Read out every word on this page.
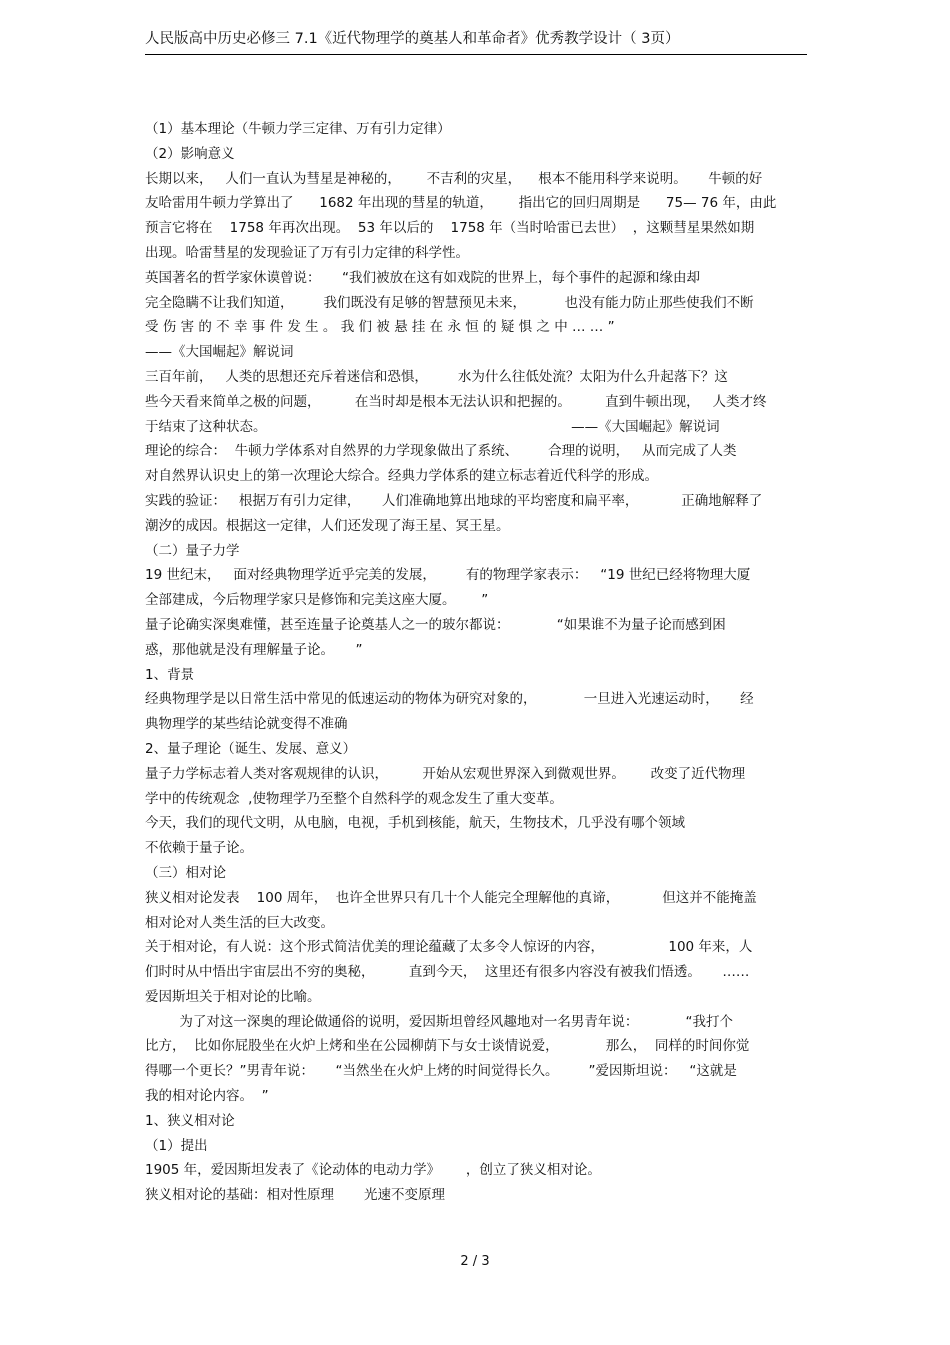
人民版高中历史必修三 7.1《近代物理学的奠基人和革命者》优秀教学设计（ 3页）
（1）基本理论（牛顿力学三定律、万有引力定律）
（2）影响意义
长期以来，   人们一直认为彗星是神秘的，      不吉利的灾星，    根本不能用科学来说明。     牛顿的好
友哈雷用牛顿力学算出了      1682 年出现的彗星的轨道，      指出它的回归周期是      75— 76 年，由此
预言它将在    1758 年再次出现。  53 年以后的    1758 年（当时哈雷已去世）  ，这颗彗星果然如期
出现。哈雷彗星的发现验证了万有引力定律的科学性。
英国著名的哲学家休谟曾说：     “我们被放在这有如戏院的世界上，每个事件的起源和缘由却
完全隐瞒不让我们知道，       我们既没有足够的智慧预见未来，         也没有能力防止那些使我们不断
受 伤 害 的 不 幸 事 件 发 生 。 我 们 被 悬 挂 在 永 恒 的 疑 惧 之 中 … … ”
——《大国崛起》解说词
三百年前，   人类的思想还充斥着迷信和恐惧，       水为什么往低处流？太阳为什么升起落下？这
些今天看来简单之极的问题，        在当时却是根本无法认识和把握的。        直到牛顿出现，   人类才终
于结束了这种状态。                                                                       ——《大国崛起》解说词
理论的综合：  牛顿力学体系对自然界的力学现象做出了系统、       合理的说明，   从而完成了人类
对自然界认识史上的第一次理论大综合。经典力学体系的建立标志着近代科学的形成。
实践的验证：   根据万有引力定律，     人们准确地算出地球的平均密度和扁平率，          正确地解释了
潮汐的成因。根据这一定律，人们还发现了海王星、冥王星。
（二）量子力学
19 世纪末，   面对经典物理学近乎完美的发展，       有的物理学家表示：   “19 世纪已经将物理大厦
全部建成，今后物理学家只是修饰和完美这座大厦。      ”
量子论确实深奥难懂，甚至连量子论奠基人之一的玻尔都说：           “如果谁不为量子论而感到困
惑，那他就是没有理解量子论。     ”
1、背景
经典物理学是以日常生活中常见的低速运动的物体为研究对象的，           一旦进入光速运动时，     经
典物理学的某些结论就变得不准确
2、量子理论（诞生、发展、意义）
量子力学标志着人类对客观规律的认识，        开始从宏观世界深入到微观世界。      改变了近代物理
学中的传统观念  ,使物理学乃至整个自然科学的观念发生了重大变革。
今天，我们的现代文明，从电脑，电视，手机到核能，航天，生物技术，几乎没有哪个领域
不依赖于量子论。
（三）相对论
狭义相对论发表    100 周年，  也许全世界只有几十个人能完全理解他的真谛，          但这并不能掩盖
相对论对人类生活的巨大改变。
关于相对论，有人说：这个形式简洁优美的理论蕴藏了太多令人惊讶的内容，               100 年来，人
们时时从中悟出宇宙层出不穷的奥秘，        直到今天，  这里还有很多内容没有被我们悟透。     ……
爱因斯坦关于相对论的比喻。
为了对这一深奥的理论做通俗的说明，爱因斯坦曾经风趣地对一名男青年说：           “我打个
比方，  比如你屁股坐在火炉上烤和坐在公园柳荫下与女士谈情说爱，           那么，  同样的时间你觉
得哪一个更长？”男青年说：     “当然坐在火炉上烤的时间觉得长久。       ”爱因斯坦说：   “这就是
我的相对论内容。  ”
1、狭义相对论
（1）提出
1905 年，爱因斯坦发表了《论动体的电动力学》      ，创立了狭义相对论。
狭义相对论的基础：相对性原理       光速不变原理
2 / 3
